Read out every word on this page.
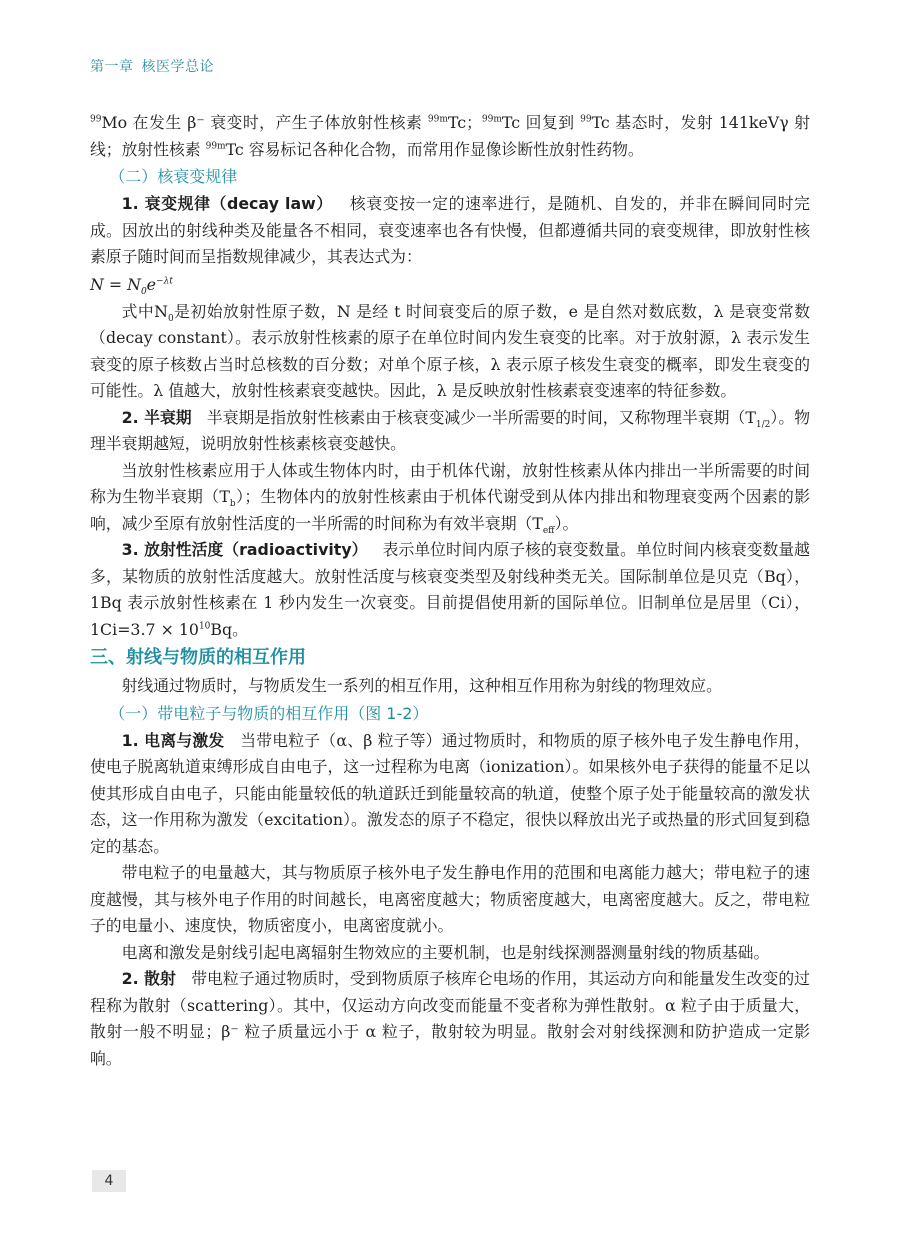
第一章 核医学总论

$^{99}$Mo 在发生 β⁻ 衰变时，产生子体放射性核素 $^{99m}$Tc；$^{99m}$Tc 回复到 $^{99}$Tc 基态时，发射 141keVγ 射线；放射性核素 $^{99m}$Tc 容易标记各种化合物，而常用作显像诊断性放射性药物。

（二）核衰变规律

1. 衰变规律（decay law） 核衰变按一定的速率进行，是随机、自发的，并非在瞬间同时完成。因放出的射线种类及能量各不相同，衰变速率也各有快慢，但都遵循共同的衰变规律，即放射性核素原子随时间而呈指数规律减少，其表达式为：

$N = N_0e^{-\lambda t}$

式中$N_0$是初始放射性原子数，N 是经 t 时间衰变后的原子数，e 是自然对数底数，λ 是衰变常数（decay constant）。表示放射性核素的原子在单位时间内发生衰变的比率。对于放射源，λ 表示发生衰变的原子核数占当时总核数的百分数；对单个原子核，λ 表示原子核发生衰变的概率，即发生衰变的可能性。λ 值越大，放射性核素衰变越快。因此，λ 是反映放射性核素衰变速率的特征参数。

2. 半衰期 半衰期是指放射性核素由于核衰变减少一半所需要的时间，又称物理半衰期$(T_{1/2})$。物理半衰期越短，说明放射性核素核衰变越快。

当放射性核素应用于人体或生物体内时，由于机体代谢，放射性核素从体内排出一半所需要的时间称为生物半衰期$(T_b)$；生物体内的放射性核素由于机体代谢受到从体内排出和物理衰变两个因素的影响，减少至原有放射性活度的一半所需的时间称为有效半衰期$(T_{eff})$。

3. 放射性活度（radioactivity） 表示单位时间内原子核的衰变数量。单位时间内核衰变数量越多，某物质的放射性活度越大。放射性活度与核衰变类型及射线种类无关。国际制单位是贝克（Bq），1Bq 表示放射性核素在 1 秒内发生一次衰变。目前提倡使用新的国际单位。旧制单位是居里（Ci），$1Ci=3.7 \times 10^{10}Bq$。

三、射线与物质的相互作用

射线通过物质时，与物质发生一系列的相互作用，这种相互作用称为射线的物理效应。

（一）带电粒子与物质的相互作用（图 1-2）

1. 电离与激发 当带电粒子（α、β 粒子等）通过物质时，和物质的原子核外电子发生静电作用，使电子脱离轨道束缚形成自由电子，这一过程称为电离（ionization）。如果核外电子获得的能量不足以使其形成自由电子，只能由能量较低的轨道跃迁到能量较高的轨道，使整个原子处于能量较高的激发状态，这一作用称为激发（excitation）。激发态的原子不稳定，很快以释放出光子或热量的形式回复到稳定的基态。

带电粒子的电量越大，其与物质原子核外电子发生静电作用的范围和电离能力越大；带电粒子的速度越慢，其与核外电子作用的时间越长，电离密度越大；物质密度越大，电离密度越大。反之，带电粒子的电量小、速度快，物质密度小，电离密度就小。

电离和激发是射线引起电离辐射生物效应的主要机制，也是射线探测器测量射线的物质基础。

2. 散射 带电粒子通过物质时，受到物质原子核库仑电场的作用，其运动方向和能量发生改变的过程称为散射（scattering）。其中，仅运动方向改变而能量不变者称为弹性散射。α 粒子由于质量大，散射一般不明显；β⁻ 粒子质量远小于 α 粒子，散射较为明显。散射会对射线探测和防护造成一定影响。

4
